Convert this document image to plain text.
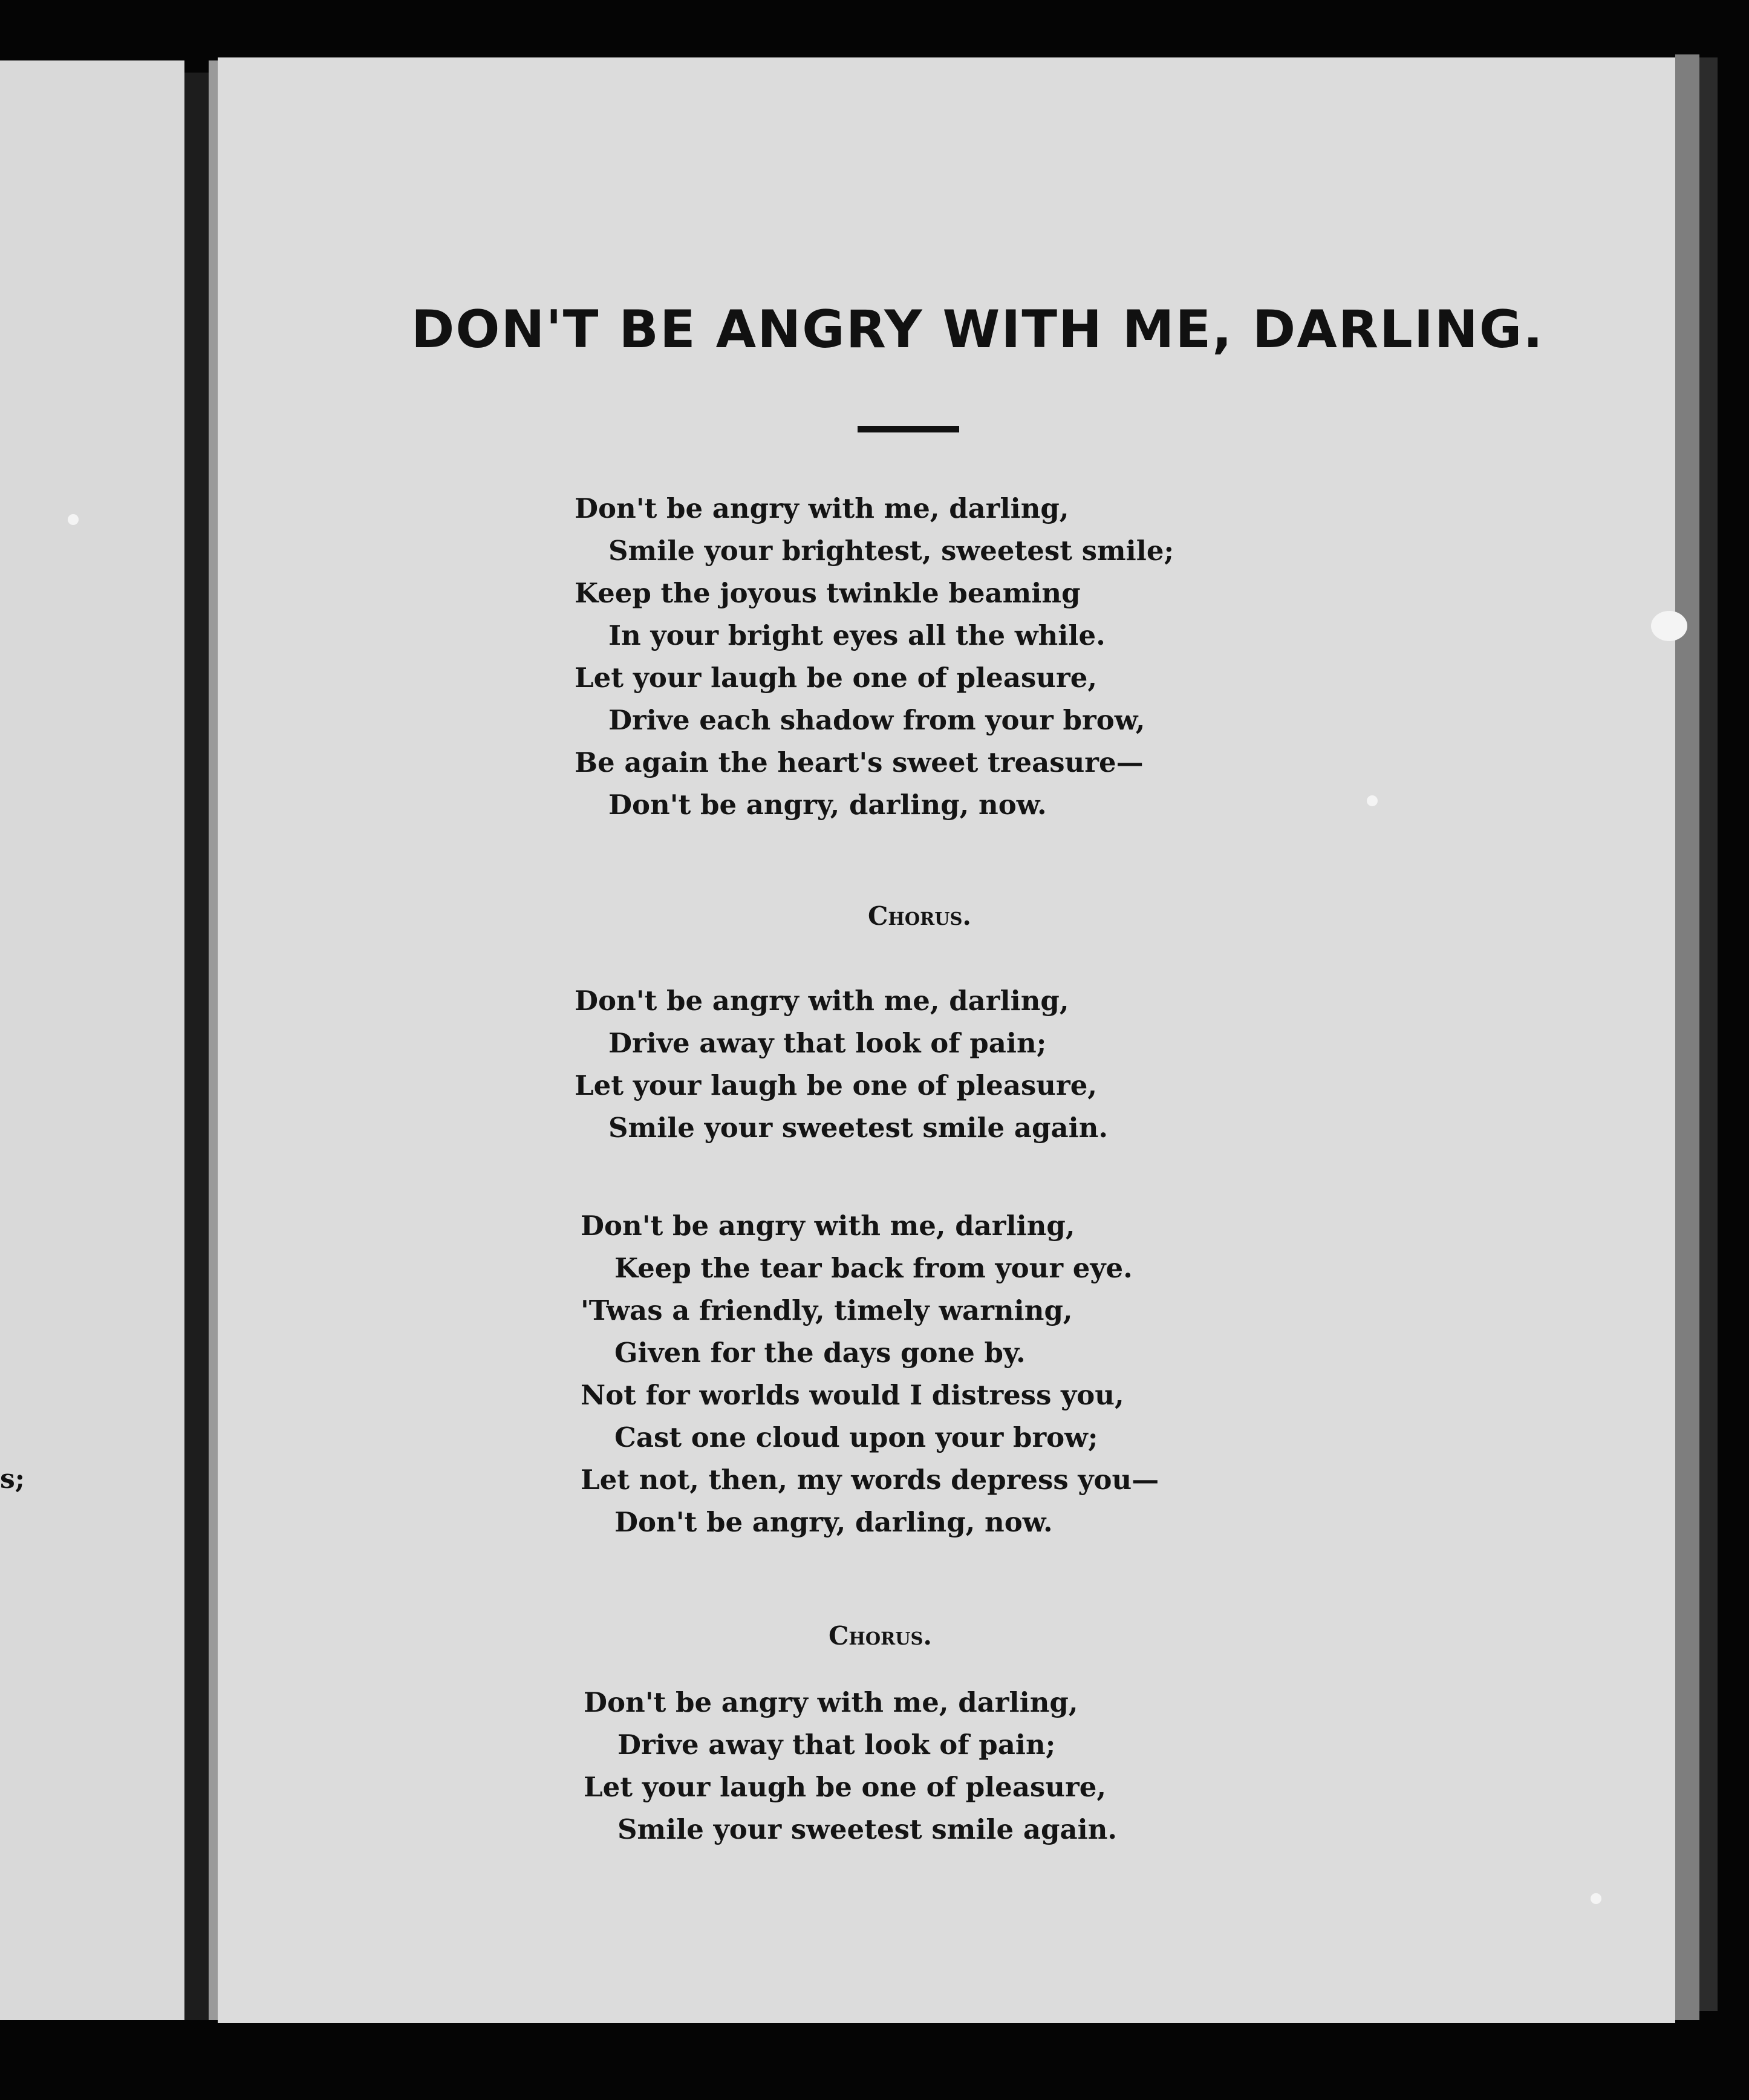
s;
DON'T BE ANGRY WITH ME, DARLING.
Don't be angry with me, darling,
Smile your brightest, sweetest smile;
Keep the joyous twinkle beaming
In your bright eyes all the while.
Let your laugh be one of pleasure,
Drive each shadow from your brow,
Be again the heart's sweet treasure—
Don't be angry, darling, now.
Chorus.
Don't be angry with me, darling,
Drive away that look of pain;
Let your laugh be one of pleasure,
Smile your sweetest smile again.
Don't be angry with me, darling,
Keep the tear back from your eye.
'Twas a friendly, timely warning,
Given for the days gone by.
Not for worlds would I distress you,
Cast one cloud upon your brow;
Let not, then, my words depress you—
Don't be angry, darling, now.
Chorus.
Don't be angry with me, darling,
Drive away that look of pain;
Let your laugh be one of pleasure,
Smile your sweetest smile again.
